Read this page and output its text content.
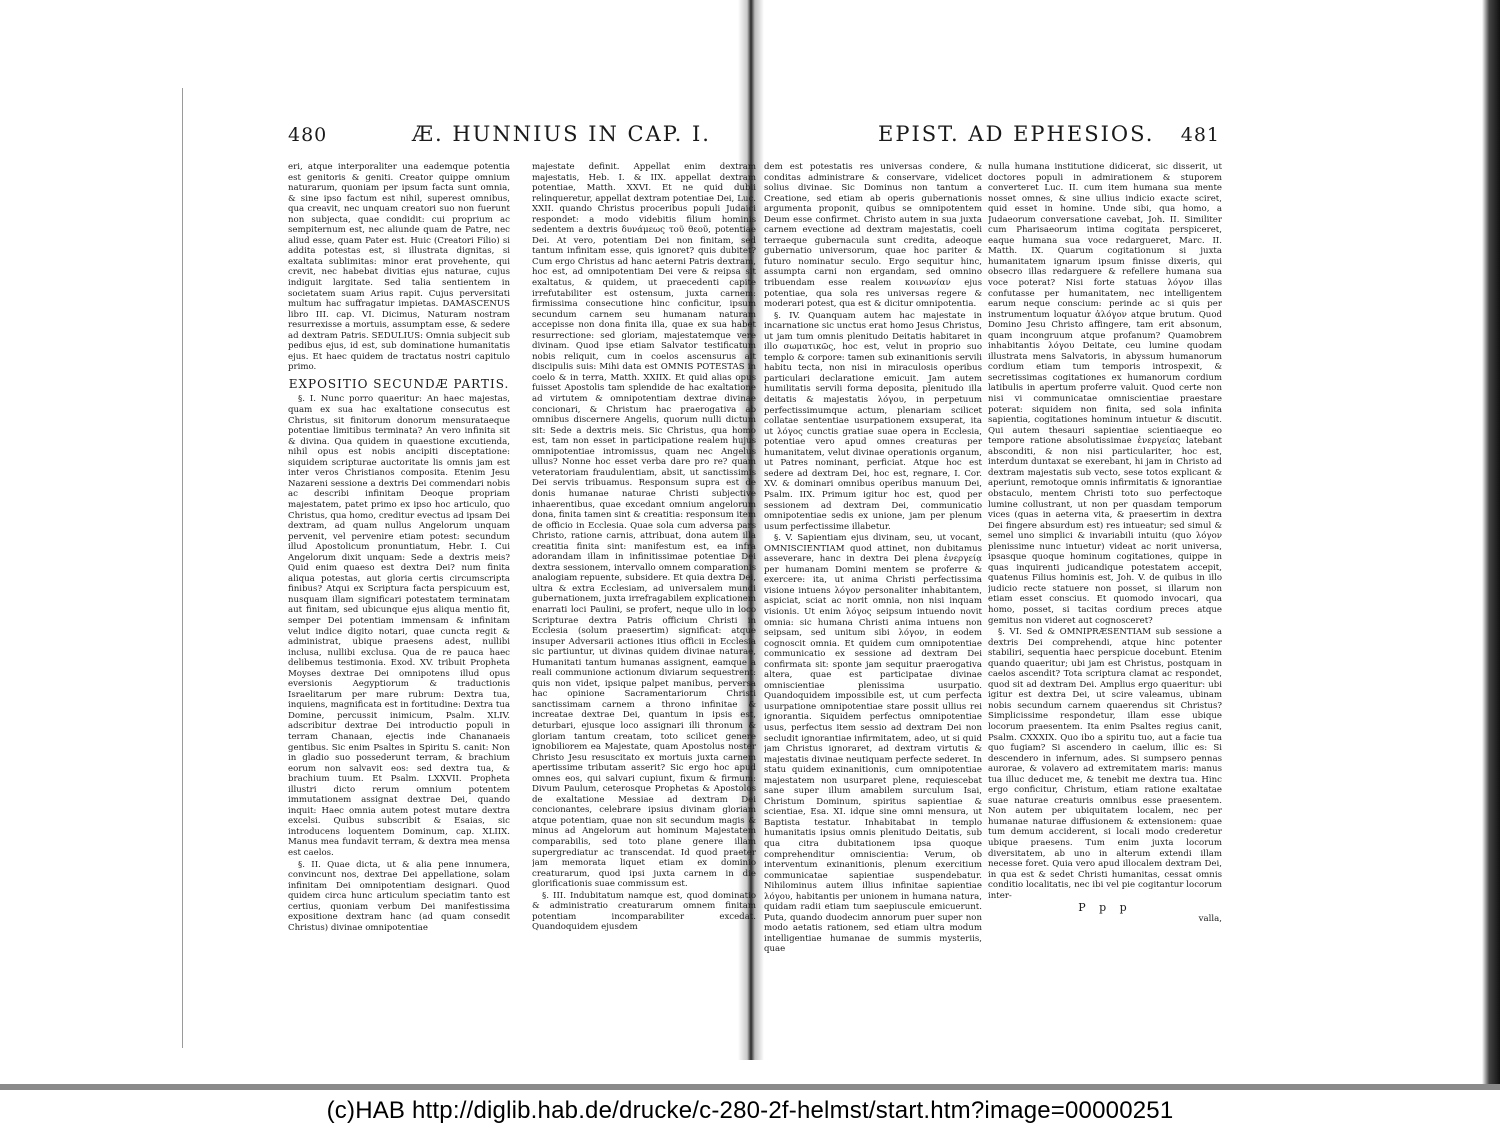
480	Æ. HUNNIUS IN CAP. I.

eri, atque interporaliter una eademque potentia est genitoris & geniti. Creator quippe omnium naturarum, quoniam per ipsum facta sunt omnia, & sine ipso factum est nihil, superest omnibus, qua creavit, nec unquam creatori suo non fuerunt non subjecta, quae condidit: cui proprium ac sempiternum est, nec aliunde quam de Patre, nec aliud esse, quam Pater est. Huic (Creatori Filio) si addita potestas est, si illustrata dignitas, si exaltata sublimitas: minor erat provehente, qui crevit, nec habebat divitias ejus naturae, cujus indiguit largitate. Sed talia sentientem in societatem suam Arius rapit. Cujus perversitati multum hac suffragatur impietas. DAMASCENUS libro III. cap. VI. Dicimus, Naturam nostram resurrexisse a mortuis, assumptam esse, & sedere ad dextram Patris. SEDULIUS: Omnia subjecit sub pedibus ejus, id est, sub dominatione humanitatis ejus. Et haec quidem de tractatus nostri capitulo primo.

EXPOSITIO SECUNDÆ PARTIS.

§. I. Nunc porro quaeritur: An haec majestas, quam ex sua hac exaltatione consecutus est Christus, sit finitorum donorum mensurataeque potentiae limitibus terminata? An vero infinita sit & divina. Qua quidem in quaestione excutienda, nihil opus est nobis ancipiti disceptatione: siquidem scripturae auctoritate lis omnis jam est inter veros Christianos composita. Etenim Jesu Nazareni sessione a dextris Dei commendari nobis ac describi infinitam Deoque propriam majestatem, patet primo ex ipso hoc articulo, quo Christus, qua homo, creditur evectus ad ipsam Dei dextram, ad quam nullus Angelorum unquam pervenit, vel pervenire etiam potest: secundum illud Apostolicum pronuntiatum, Hebr. I. Cui Angelorum dixit unquam: Sede a dextris meis? Quid enim quaeso est dextra Dei? num finita aliqua potestas, aut gloria certis circumscripta finibus? Atqui ex Scriptura facta perspicuum est, nusquam illam significari potestatem terminatam aut finitam, sed ubicunque ejus aliqua mentio fit, semper Dei potentiam immensam & infinitam velut indice digito notari, quae cuncta regit & administrat, ubique praesens adest, nullibi inclusa, nullibi exclusa. Qua de re pauca haec delibemus testimonia. Exod. XV. tribuit Propheta Moyses dextrae Dei omnipotens illud opus eversionis Aegyptiorum & traductionis Israelitarum per mare rubrum: Dextra tua, inquiens, magnificata est in fortitudine: Dextra tua Domine, percussit inimicum, Psalm. XLIV. adscribitur dextrae Dei introductio populi in terram Chanaan, ejectis inde Chananaeis gentibus. Sic enim Psaltes in Spiritu S. canit: Non in gladio suo possederunt terram, & brachium eorum non salvavit eos: sed dextra tua, & brachium tuum. Et Psalm. LXXVII. Propheta illustri dicto rerum omnium potentem immutationem assignat dextrae Dei, quando inquit: Haec omnia autem potest mutare dextra excelsi. Quibus subscribit & Esaias, sic introducens loquentem Dominum, cap. XLIIX. Manus mea fundavit terram, & dextra mea mensa est caelos.

§. II. Quae dicta, ut & alia pene innumera, convincunt nos, dextrae Dei appellatione, solam infinitam Dei omnipotentiam designari. Quod quidem circa hunc articulum speciatim tanto est certius, quoniam verbum Dei manifestissima expositione dextram hanc (ad quam consedit Christus) divinae omnipotentiae

majestate definit. Appellat enim dextram majestatis, Heb. I. & IIX. appellat dextram potentiae, Matth. XXVI. Et ne quid dubii relinqueretur, appellat dextram potentiae Dei, Luc. XXII. quando Christus proceribus populi Judaici respondet: a modo videbitis filium hominis sedentem a dextris δυνάμεως τοῦ θεοῦ, potentiae Dei. At vero, potentiam Dei non finitam, sed tantum infinitam esse, quis ignoret? quis dubitet? Cum ergo Christus ad hanc aeterni Patris dextram, hoc est, ad omnipotentiam Dei vere & reipsa sit exaltatus, & quidem, ut praecedenti capite irrefutabiliter est ostensum, juxta carnem: firmissima consecutione hinc conficitur, ipsum secundum carnem seu humanam naturam accepisse non dona finita illa, quae ex sua habet resurrectione: sed gloriam, majestatemque vere divinam. Quod ipse etiam Salvator testificatum nobis reliquit, cum in coelos ascensurus ait discipulis suis: Mihi data est OMNIS POTESTAS in coelo & in terra, Matth. XXIIX. Et quid alias opus fuisset Apostolis tam splendide de hac exaltatione ad virtutem & omnipotentiam dextrae divinae concionari, & Christum hac praerogativa ab omnibus discernere Angelis, quorum nulli dictum sit: Sede a dextris meis. Sic Christus, qua homo est, tam non esset in participatione realem hujus omnipotentiae intromissus, quam nec Angelus ullus? Nonne hoc esset verba dare pro re? quam veteratoriam fraudulentiam, absit, ut sanctissimis Dei servis tribuamus. Responsum supra est de donis humanae naturae Christi subjective inhaerentibus, quae excedant omnium angelorum dona, finita tamen sint & creatitia: responsum item de officio in Ecclesia. Quae sola cum adversa pars Christo, ratione carnis, attribuat, dona autem illa creatitia finita sint: manifestum est, ea infra adorandam illam in infinitissimae potentiae Dei dextra sessionem, intervallo omnem comparationis analogiam repuente, subsidere. Et quia dextra Dei, ultra & extra Ecclesiam, ad universalem mundi gubernationem, juxta irrefragabilem explicationem enarrati loci Paulini, se profert, neque ullo in loco Scripturae dextra Patris officium Christi in Ecclesia (solum praesertim) significat: atque insuper Adversarii actiones itius officii in Ecclesia sic partiuntur, ut divinas quidem divinae naturae, Humanitati tantum humanas assignent, eamque a reali communione actionum diviarum sequestrent: quis non videt, ipsique palpet manibus, perversa hac opinione Sacramentariorum Christi sanctissimam carnem a throno infinitae & increatae dextrae Dei, quantum in ipsis est, deturbari, ejusque loco assignari illi thronum & gloriam tantum creatam, toto scilicet genere ignobiliorem ea Majestate, quam Apostolus noster Christo Jesu resuscitato ex mortuis juxta carnem apertissime tributam asserit? Sic ergo hoc apud omnes eos, qui salvari cupiunt, fixum & firmum: Divum Paulum, ceterosque Prophetas & Apostolos de exaltatione Messiae ad dextram Dei concionantes, celebrare ipsius divinam gloriam atque potentiam, quae non sit secundum magis & minus ad Angelorum aut hominum Majestatem comparabilis, sed toto plane genere illam supergrediatur ac transcendat. Id quod praeter jam memorata liquet etiam ex dominio creaturarum, quod ipsi juxta carnem in die glorificationis suae commissum est.

§. III. Indubitatum namque est, quod dominatio & administratio creaturarum omnem finitam potentiam incomparabiliter excedat. Quandoquidem ejusdem

EPIST. AD EPHESIOS. 481

dem est potestatis res universas condere, & conditas administrare & conservare, videlicet solius divinae. Sic Dominus non tantum a Creatione, sed etiam ab operis gubernationis argumenta proponit, quibus se omnipotentem Deum esse confirmet. Christo autem in sua juxta carnem evectione ad dextram majestatis, coeli terraeque gubernacula sunt credita, adeoque gubernatio universorum, quae hoc pariter & futuro nominatur seculo. Ergo sequitur hinc, assumpta carni non ergandam, sed omnino tribuendam esse realem κοινωνίαν ejus potentiae, qua sola res universas regere & moderari potest, qua est & dicitur omnipotentia.

§. IV. Quanquam autem hac majestate in incarnatione sic unctus erat homo Jesus Christus, ut jam tum omnis plenitudo Deitatis habitaret in illo σωματικῶς, hoc est, velut in proprio suo templo & corpore: tamen sub exinanitionis servili habitu tecta, non nisi in miraculosis operibus particulari declaratione emicuit. Jam autem humilitatis servili forma deposita, plenitudo illa deitatis & majestatis λόγου, in perpetuum perfectissimumque actum, plenariam scilicet collatae sententiae usurpationem exsuperat, ita ut λόγος cunctis gratiae suae opera in Ecclesia, potentiae vero apud omnes creaturas per humanitatem, velut divinae operationis organum, ut Patres nominant, perficiat. Atque hoc est sedere ad dextram Dei, hoc est, regnare, I. Cor. XV. & dominari omnibus operibus manuum Dei, Psalm. IIX. Primum igitur hoc est, quod per sessionem ad dextram Dei, communicatio omnipotentiae sedis ex unione, jam per plenum usum perfectissime illabetur.

§. V. Sapientiam ejus divinam, seu, ut vocant, OMNISCIENTIAM quod attinet, non dubitamus asseverare, hanc in dextra Dei plena ἐνεργείᾳ per humanam Domini mentem se proferre & exercere: ita, ut anima Christi perfectissima visione intuens λόγον personaliter inhabitantem, aspiciat, sciat ac norit omnia, non nisi inquam visionis. Ut enim λόγος seipsum intuendo novit omnia: sic humana Christi anima intuens non seipsam, sed unitum sibi λόγον, in eodem cognoscit omnia. Et quidem cum omnipotentiae communicatio ex sessione ad dextram Dei confirmata sit: sponte jam sequitur praerogativa altera, quae est participatae divinae omniscientiae plenissima usurpatio. Quandoquidem impossibile est, ut cum perfecta usurpatione omnipotentiae stare possit ullius rei ignorantia. Siquidem perfectus omnipotentiae usus, perfectus item sessio ad dextram Dei non secludit ignorantiae infirmitatem, adeo, ut si quid jam Christus ignoraret, ad dextram virtutis & majestatis divinae neutiquam perfecte sederet. In statu quidem exinanitionis, cum omnipotentiae majestatem non usurparet plene, requiescebat sane super illum amabilem surculum Isai, Christum Dominum, spiritus sapientiae & scientiae, Esa. XI. idque sine omni mensura, ut Baptista testatur. Inhabitabat in templo humanitatis ipsius omnis plenitudo Deitatis, sub qua citra dubitationem ipsa quoque comprehenditur omniscientia: Verum, ob interventum exinanitionis, plenum exercitium communicatae sapientiae suspendebatur. Nihilominus autem illius infinitae sapientiae λόγου, habitantis per unionem in humana natura, quidam radii etiam tum saepiuscule emicuerunt. Puta, quando duodecim annorum puer super non modo aetatis rationem, sed etiam ultra modum intelligentiae humanae de summis mysteriis, quae

nulla humana institutione didicerat, sic disserit, ut doctores populi in admirationem & stuporem converteret Luc. II. cum item humana sua mente nosset omnes, & sine ullius indicio exacte sciret, quid esset in homine. Unde sibi, qua homo, a Judaeorum conversatione cavebat, Joh. II. Similiter cum Pharisaeorum intima cogitata perspiceret, eaque humana sua voce redargueret, Marc. II. Matth. IX. Quarum cogitationum si juxta humanitatem ignarum ipsum finisse dixeris, qui obsecro illas redarguere & refellere humana sua voce poterat? Nisi forte statuas λόγον illas confutasse per humanitatem, nec intelligentem earum neque conscium: perinde ac si quis per instrumentum loquatur ἀλόγον atque brutum. Quod Domino Jesu Christo affingere, tam erit absonum, quam incongruum atque profanum? Quamobrem inhabitantis λόγου Deitate, ceu lumine quodam illustrata mens Salvatoris, in abyssum humanorum cordium etiam tum temporis introspexit, & secretissimas cogitationes ex humanorum cordium latibulis in apertum proferre valuit. Quod certe non nisi vi communicatae omniscientiae praestare poterat: siquidem non finita, sed sola infinita sapientia, cogitationes hominum intuetur & discutit. Qui autem thesauri sapientiae scientiaeque eo tempore ratione absolutissimae ἐνεργείας latebant absconditi, & non nisi particulariter, hoc est, interdum duntaxat se exerebant, hi jam in Christo ad dextram majestatis sub vecto, sese totos explicant & aperiunt, remotoque omnis infirmitatis & ignorantiae obstaculo, mentem Christi toto suo perfectoque lumine collustrant, ut non per quasdam temporum vices (quas in aeterna vita, & praesertim in dextra Dei fingere absurdum est) res intueatur; sed simul & semel uno simplici & invariabili intuitu (quo λόγον plenissime nunc intuetur) videat ac norit universa, ipsasque quoque hominum cogitationes, quippe in quas inquirenti judicandique potestatem accepit, quatenus Filius hominis est, Joh. V. de quibus in illo judicio recte statuere non posset, si illarum non etiam esset conscius. Et quomodo invocari, qua homo, posset, si tacitas cordium preces atque gemitus non videret aut cognosceret?

§. VI. Sed & OMNIPRÆSENTIAM sub sessione a dextris Dei comprehendi, atque hinc potenter stabiliri, sequentia haec perspicue docebunt. Etenim quando quaeritur; ubi jam est Christus, postquam in caelos ascendit? Tota scriptura clamat ac respondet, quod sit ad dextram Dei. Amplius ergo quaeritur: ubi igitur est dextra Dei, ut scire valeamus, ubinam nobis secundum carnem quaerendus sit Christus? Simplicissime respondetur, illam esse ubique locorum praesentem. Ita enim Psaltes regius canit, Psalm. CXXXIX. Quo ibo a spiritu tuo, aut a facie tua quo fugiam? Si ascendero in caelum, illic es: Si descendero in infernum, ades. Si sumpsero pennas aurorae, & volavero ad extremitatem maris: manus tua illuc deducet me, & tenebit me dextra tua. Hinc ergo conficitur, Christum, etiam ratione exaltatae suae naturae creaturis omnibus esse praesentem. Non autem per ubiquitatem localem, nec per humanae naturae diffusionem & extensionem: quae tum demum acciderent, si locali modo crederetur ubique praesens. Tum enim juxta locorum diversitatem, ab uno in alterum extendi illam necesse foret. Quia vero apud illocalem dextram Dei, in qua est & sedet Christi humanitas, cessat omnis conditio localitatis, nec ibi vel pie cogitantur locorum inter-

P p p
valla,
(c)HAB http://diglib.hab.de/drucke/c-280-2f-helmst/start.htm?image=00000251
